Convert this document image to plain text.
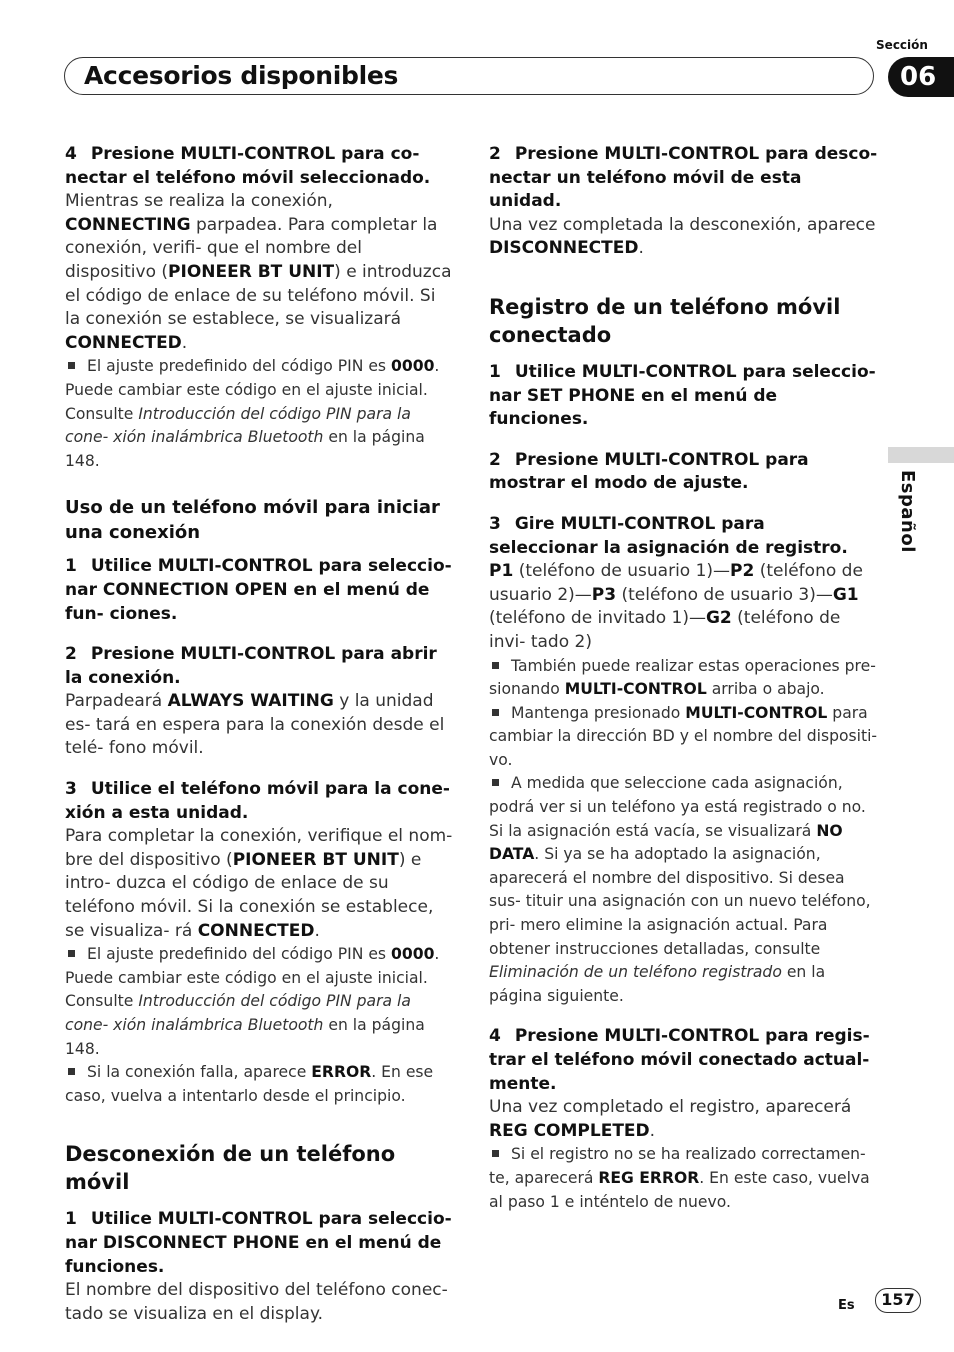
Sección
Accesorios disponibles	06
Español

4 Presione MULTI-CONTROL para co- nectar el teléfono móvil seleccionado.

Mientras se realiza la conexión, CONNECTING parpadea. Para completar la conexión, verifi- que el nombre del dispositivo (PIONEER BT UNIT) e introduzca el código de enlace de su teléfono móvil. Si la conexión se establece, se visualizará CONNECTED.

El ajuste predefinido del código PIN es 0000. Puede cambiar este código en el ajuste inicial. Consulte Introducción del código PIN para la cone- xión inalámbrica Bluetooth en la página 148.

Uso de un teléfono móvil para iniciar una conexión

1 Utilice MULTI-CONTROL para seleccio- nar CONNECTION OPEN en el menú de fun- ciones.

2 Presione MULTI-CONTROL para abrir la conexión.

Parpadeará ALWAYS WAITING y la unidad es- tará en espera para la conexión desde el telé- fono móvil.

3 Utilice el teléfono móvil para la cone- xión a esta unidad.

Para completar la conexión, verifique el nom- bre del dispositivo (PIONEER BT UNIT) e intro- duzca el código de enlace de su teléfono móvil. Si la conexión se establece, se visualiza- rá CONNECTED.

El ajuste predefinido del código PIN es 0000. Puede cambiar este código en el ajuste inicial. Consulte Introducción del código PIN para la cone- xión inalámbrica Bluetooth en la página 148.

Si la conexión falla, aparece ERROR. En ese caso, vuelva a intentarlo desde el principio.

Desconexión de un teléfono móvil

1 Utilice MULTI-CONTROL para seleccio- nar DISCONNECT PHONE en el menú de funciones.

El nombre del dispositivo del teléfono conec- tado se visualiza en el display.

2 Presione MULTI-CONTROL para desco- nectar un teléfono móvil de esta unidad.

Una vez completada la desconexión, aparece DISCONNECTED.

Registro de un teléfono móvil conectado

1 Utilice MULTI-CONTROL para seleccio- nar SET PHONE en el menú de funciones.

2 Presione MULTI-CONTROL para mostrar el modo de ajuste.

3 Gire MULTI-CONTROL para seleccionar la asignación de registro.

P1 (teléfono de usuario 1)—P2 (teléfono de usuario 2)—P3 (teléfono de usuario 3)—G1 (teléfono de invitado 1)—G2 (teléfono de invi- tado 2)

También puede realizar estas operaciones pre- sionando MULTI-CONTROL arriba o abajo.

Mantenga presionado MULTI-CONTROL para cambiar la dirección BD y el nombre del dispositi- vo.

A medida que seleccione cada asignación, podrá ver si un teléfono ya está registrado o no. Si la asignación está vacía, se visualizará NO DATA. Si ya se ha adoptado la asignación, aparecerá el nombre del dispositivo. Si desea sus- tituir una asignación con un nuevo teléfono, pri- mero elimine la asignación actual. Para obtener instrucciones detalladas, consulte Eliminación de un teléfono registrado en la página siguiente.

4 Presione MULTI-CONTROL para regis- trar el teléfono móvil conectado actual- mente.

Una vez completado el registro, aparecerá REG COMPLETED.

Si el registro no se ha realizado correctamen- te, aparecerá REG ERROR. En este caso, vuelva al paso 1 e inténtelo de nuevo.

Es	157
